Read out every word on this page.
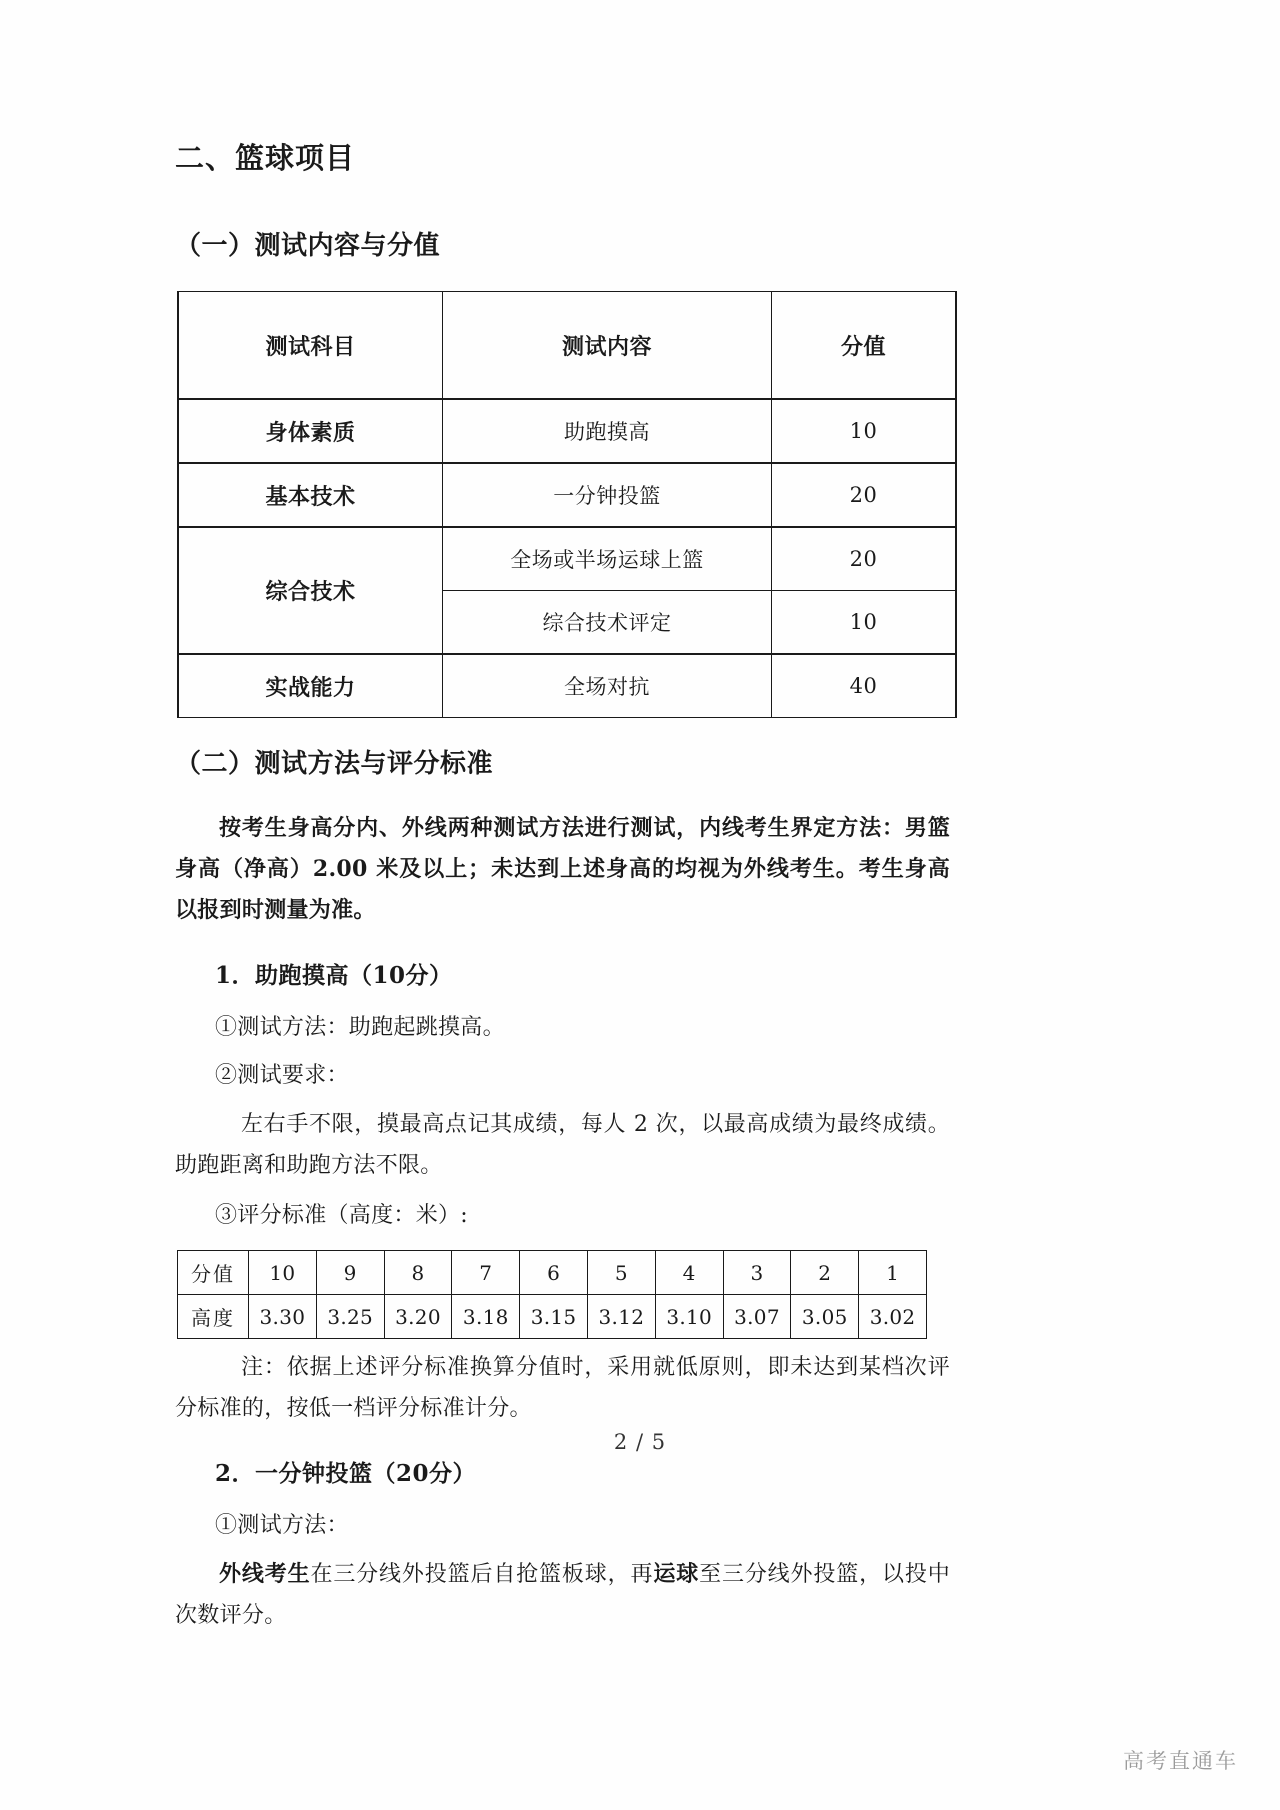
二、篮球项目
（一）测试内容与分值
测试科目	测试内容	分值
身体素质	助跑摸高	10
基本技术	一分钟投篮	20
综合技术	全场或半场运球上篮	20
	综合技术评定	10
实战能力	全场对抗	40
（二）测试方法与评分标准

按考生身高分内、外线两种测试方法进行测试，内线考生界定方法：男篮身高（净高）2.00 米及以上；未达到上述身高的均视为外线考生。考生身高以报到时测量为准。

1．助跑摸高（10分）

①测试方法：助跑起跳摸高。

②测试要求：

左右手不限，摸最高点记其成绩，每人 2 次，以最高成绩为最终成绩。助跑距离和助跑方法不限。

③评分标准（高度：米）:

分值	10	9	8	7	6	5	4	3	2	1
高度	3.30	3.25	3.20	3.18	3.15	3.12	3.10	3.07	3.05	3.02

注：依据上述评分标准换算分值时，采用就低原则，即未达到某档次评分标准的，按低一档评分标准计分。

2．一分钟投篮（20分）

①测试方法：

外线考生在三分线外投篮后自抢篮板球，再运球至三分线外投篮，以投中次数评分。

2 / 5
高考直通车
